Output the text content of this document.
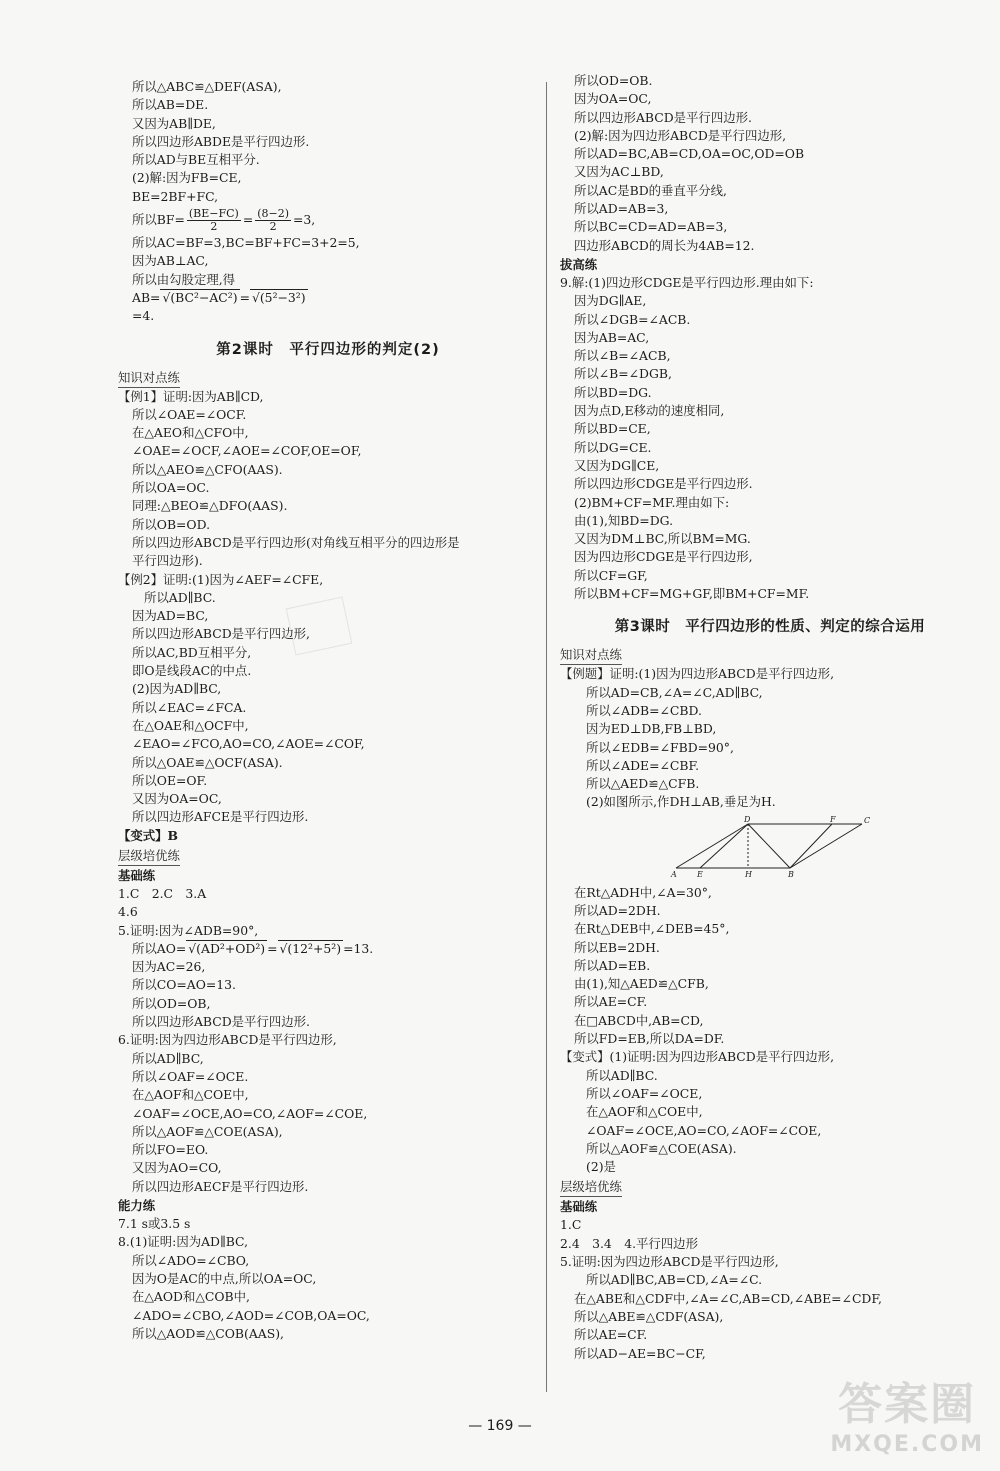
所以△ABC≌△DEF(ASA),
所以AB=DE.
又因为AB∥DE,
所以四边形ABDE是平行四边形.
所以AD与BE互相平分.
(2)解:因为FB=CE,
BE=2BF+FC,
所以$BF= \frac{(BE-FC)}{2} = \frac{(8-2)}{2} =3$,
所以AC=BF=3,BC=BF+FC=3+2=5,
因为AB⊥AC,
所以由勾股定理,得
AB= √(BC²−AC²) = √(5²−3²)
=4.
第2课时　平行四边形的判定(2)
知识对点练
【例1】证明:因为AB∥CD,
所以∠OAE=∠OCF.
在△AEO和△CFO中,
∠OAE=∠OCF,∠AOE=∠COF,OE=OF,
所以△AEO≌△CFO(AAS).
所以OA=OC.
同理:△BEO≌△DFO(AAS).
所以OB=OD.
所以四边形ABCD是平行四边形(对角线互相平分的四边形是
平行四边形).
【例2】证明:(1)因为∠AEF=∠CFE,
所以AD∥BC.
因为AD=BC,
所以四边形ABCD是平行四边形,
所以AC,BD互相平分,
即O是线段AC的中点.
(2)因为AD∥BC,
所以∠EAC=∠FCA.
在△OAE和△OCF中,
∠EAO=∠FCO,AO=CO,∠AOE=∠COF,
所以△OAE≌△OCF(ASA).
所以OE=OF.
又因为OA=OC,
所以四边形AFCE是平行四边形.
【变式】B
层级培优练
基础练
1.C　2.C　3.A
4.6
5.证明:因为∠ADB=90°,
所以AO= √(AD²+OD²) = √(12²+5²) =13.
因为AC=26,
所以CO=AO=13.
所以OD=OB,
所以四边形ABCD是平行四边形.
6.证明:因为四边形ABCD是平行四边形,
所以AD∥BC,
所以∠OAF=∠OCE.
在△AOF和△COE中,
∠OAF=∠OCE,AO=CO,∠AOF=∠COE,
所以△AOF≌△COE(ASA),
所以FO=EO.
又因为AO=CO,
所以四边形AECF是平行四边形.
能力练
7.1 s或3.5 s
8.(1)证明:因为AD∥BC,
所以∠ADO=∠CBO,
因为O是AC的中点,所以OA=OC,
在△AOD和△COB中,
∠ADO=∠CBO,∠AOD=∠COB,OA=OC,
所以△AOD≌△COB(AAS),
所以OD=OB.
因为OA=OC,
所以四边形ABCD是平行四边形.
(2)解:因为四边形ABCD是平行四边形,
所以AD=BC,AB=CD,OA=OC,OD=OB
又因为AC⊥BD,
所以AC是BD的垂直平分线,
所以AD=AB=3,
所以BC=CD=AD=AB=3,
四边形ABCD的周长为4AB=12.
拔高练
9.解:(1)四边形CDGE是平行四边形.理由如下:
因为DG∥AE,
所以∠DGB=∠ACB.
因为AB=AC,
所以∠B=∠ACB,
所以∠B=∠DGB,
所以BD=DG.
因为点D,E移动的速度相同,
所以BD=CE,
所以DG=CE.
又因为DG∥CE,
所以四边形CDGE是平行四边形.
(2)BM+CF=MF.理由如下:
由(1),知BD=DG.
又因为DM⊥BC,所以BM=MG.
因为四边形CDGE是平行四边形,
所以CF=GF,
所以BM+CF=MG+GF,即BM+CF=MF.
第3课时　平行四边形的性质、判定的综合运用
知识对点练
【例题】证明:(1)因为四边形ABCD是平行四边形,
所以AD=CB,∠A=∠C,AD∥BC,
所以∠ADB=∠CBD.
因为ED⊥DB,FB⊥BD,
所以∠EDB=∠FBD=90°,
所以∠ADE=∠CBF.
所以△AED≌△CFB.
(2)如图所示,作DH⊥AB,垂足为H.
D	F	C
A	E	H	B
在Rt△ADH中,∠A=30°,
所以AD=2DH.
在Rt△DEB中,∠DEB=45°,
所以EB=2DH.
所以AD=EB.
由(1),知△AED≌△CFB,
所以AE=CF.
在□ABCD中,AB=CD,
所以FD=EB,所以DA=DF.
【变式】(1)证明:因为四边形ABCD是平行四边形,
所以AD∥BC.
所以∠OAF=∠OCE,
在△AOF和△COE中,
∠OAF=∠OCE,AO=CO,∠AOF=∠COE,
所以△AOF≌△COE(ASA).
(2)是
层级培优练
基础练
1.C
2.4　3.4　4.平行四边形
5.证明:因为四边形ABCD是平行四边形,
所以AD∥BC,AB=CD,∠A=∠C.
在△ABE和△CDF中,∠A=∠C,AB=CD,∠ABE=∠CDF,
所以△ABE≌△CDF(ASA),
所以AE=CF.
所以AD−AE=BC−CF,
— 169 —	答案圈
MXQE.COM
